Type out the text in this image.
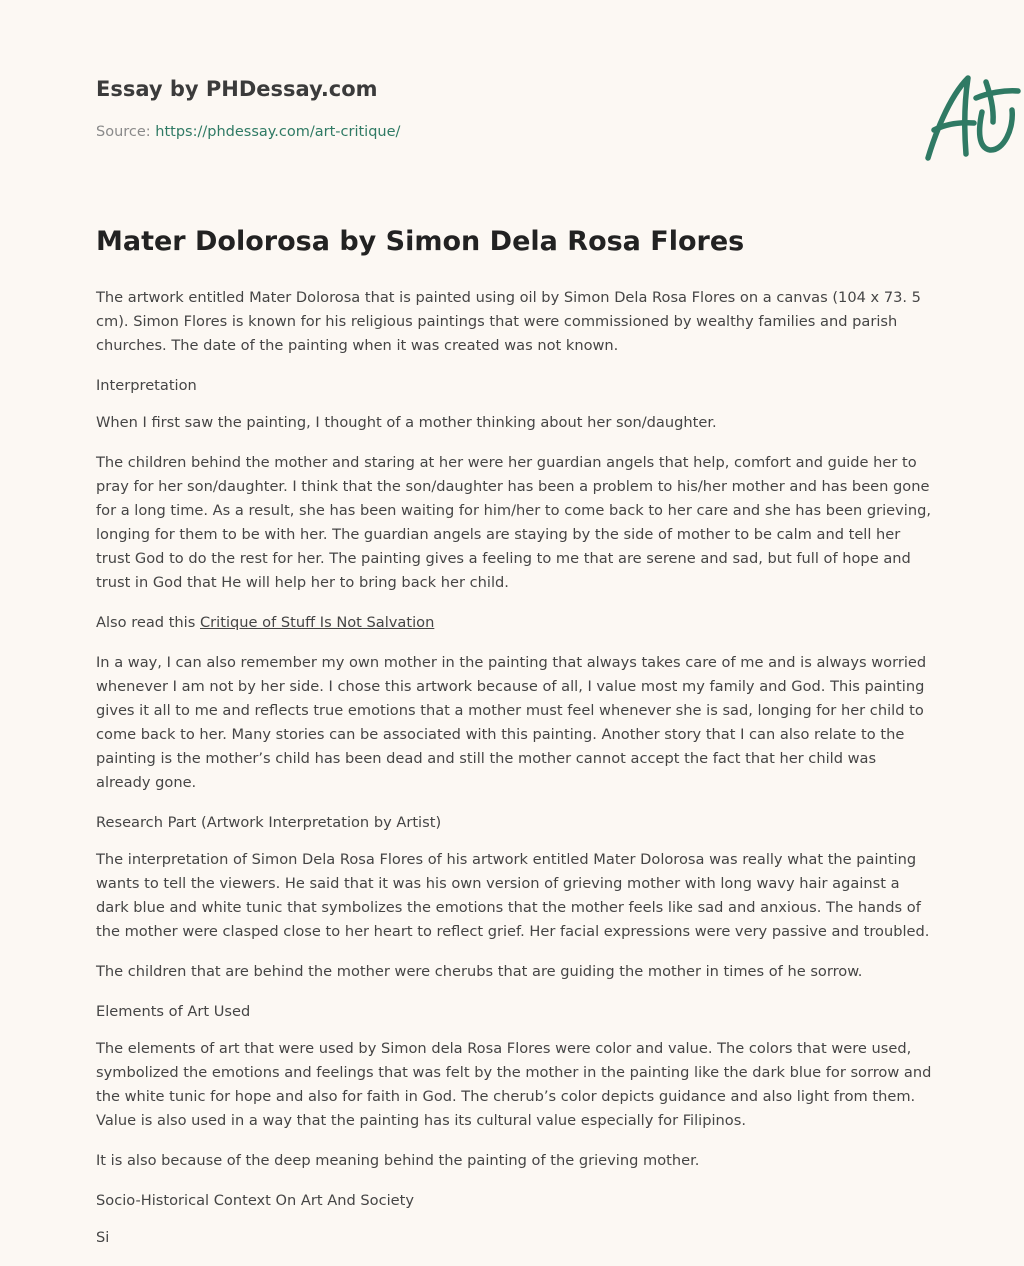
Essay by PHDessay.com
Source: https://phdessay.com/art-critique/
Mater Dolorosa by Simon Dela Rosa Flores

The artwork entitled Mater Dolorosa that is painted using oil by Simon Dela Rosa Flores on a canvas (104 x 73. 5 cm). Simon Flores is known for his religious paintings that were commissioned by wealthy families and parish churches. The date of the painting when it was created was not known.

Interpretation

When I first saw the painting, I thought of a mother thinking about her son/daughter.

The children behind the mother and staring at her were her guardian angels that help, comfort and guide her to pray for her son/daughter. I think that the son/daughter has been a problem to his/her mother and has been gone for a long time. As a result, she has been waiting for him/her to come back to her care and she has been grieving, longing for them to be with her. The guardian angels are staying by the side of mother to be calm and tell her trust God to do the rest for her. The painting gives a feeling to me that are serene and sad, but full of hope and trust in God that He will help her to bring back her child.

Also read this Critique of Stuff Is Not Salvation

In a way, I can also remember my own mother in the painting that always takes care of me and is always worried whenever I am not by her side. I chose this artwork because of all, I value most my family and God. This painting gives it all to me and reflects true emotions that a mother must feel whenever she is sad, longing for her child to come back to her. Many stories can be associated with this painting. Another story that I can also relate to the painting is the mother’s child has been dead and still the mother cannot accept the fact that her child was already gone.

Research Part (Artwork Interpretation by Artist)

The interpretation of Simon Dela Rosa Flores of his artwork entitled Mater Dolorosa was really what the painting wants to tell the viewers. He said that it was his own version of grieving mother with long wavy hair against a dark blue and white tunic that symbolizes the emotions that the mother feels like sad and anxious. The hands of the mother were clasped close to her heart to reflect grief. Her facial expressions were very passive and troubled.

The children that are behind the mother were cherubs that are guiding the mother in times of he sorrow.

Elements of Art Used

The elements of art that were used by Simon dela Rosa Flores were color and value. The colors that were used, symbolized the emotions and feelings that was felt by the mother in the painting like the dark blue for sorrow and the white tunic for hope and also for faith in God. The cherub’s color depicts guidance and also light from them. Value is also used in a way that the painting has its cultural value especially for Filipinos.

It is also because of the deep meaning behind the painting of the grieving mother.

Socio-Historical Context On Art And Society

Si
